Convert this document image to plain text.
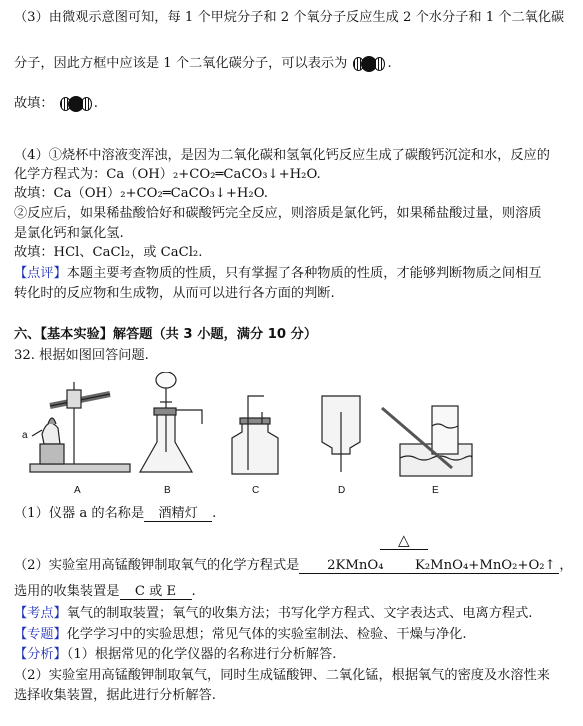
（3）由微观示意图可知，每 1 个甲烷分子和 2 个氧分子反应生成 2 个水分子和 1 个二氧化碳
分子，因此方框中应该是 1 个二氧化碳分子，可以表示为	.
故填：	.
（4）①烧杯中溶液变浑浊，是因为二氧化碳和氢氧化钙反应生成了碳酸钙沉淀和水，反应的
化学方程式为：Ca（OH）₂+CO₂═CaCO₃↓+H₂O.
故填：Ca（OH）₂+CO₂═CaCO₃↓+H₂O.
②反应后，如果稀盐酸恰好和碳酸钙完全反应，则溶质是氯化钙，如果稀盐酸过量，则溶质
是氯化钙和氯化氢.
故填：HCl、CaCl₂，或 CaCl₂.
【点评】本题主要考查物质的性质，只有掌握了各种物质的性质，才能够判断物质之间相互
转化时的反应物和生成物，从而可以进行各方面的判断.
六、【基本实验】解答题（共 3 小题，满分 10 分）
32. 根据如图回答问题.
a
A	B	C	D	E
（1）仪器 a 的名称是 酒精灯 .
△
（2）实验室用高锰酸钾制取氧气的化学方程式是 2KMnO₄ K₂MnO₄+MnO₂+O₂↑ ，
选用的收集装置是 C 或 E .
【考点】氧气的制取装置；氧气的收集方法；书写化学方程式、文字表达式、电离方程式.
【专题】化学学习中的实验思想；常见气体的实验室制法、检验、干燥与净化.
【分析】（1）根据常见的化学仪器的名称进行分析解答.
（2）实验室用高锰酸钾制取氧气，同时生成锰酸钾、二氧化锰，根据氧气的密度及水溶性来
选择收集装置，据此进行分析解答.
